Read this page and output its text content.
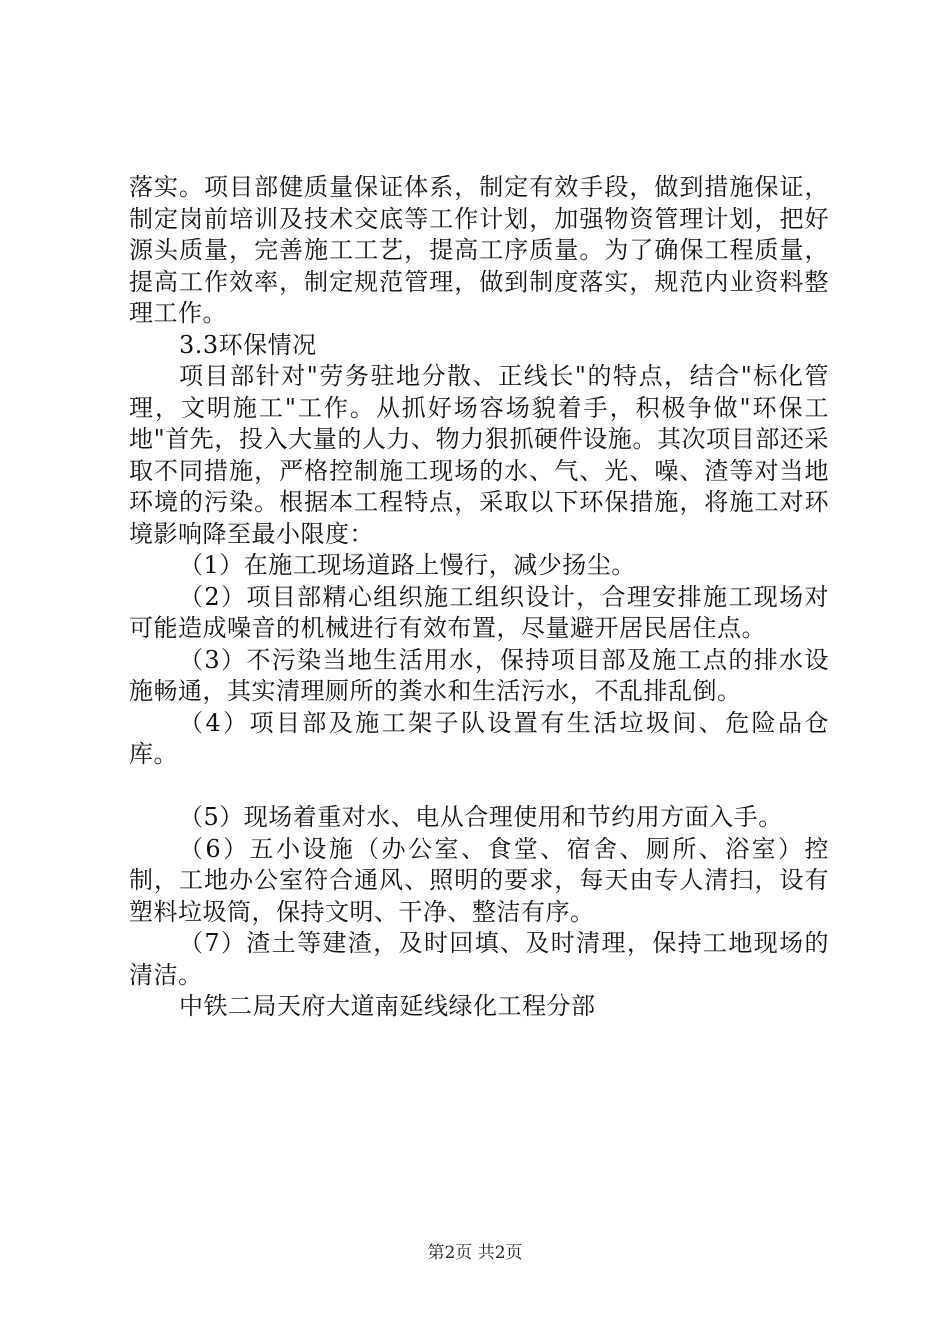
落实。项目部健质量保证体系，制定有效手段，做到措施保证，制定岗前培训及技术交底等工作计划，加强物资管理计划，把好源头质量，完善施工工艺，提高工序质量。为了确保工程质量，提高工作效率，制定规范管理，做到制度落实，规范内业资料整理工作。

3.3环保情况

项目部针对"劳务驻地分散、正线长"的特点，结合"标化管理，文明施工"工作。从抓好场容场貌着手，积极争做"环保工地"首先，投入大量的人力、物力狠抓硬件设施。其次项目部还采取不同措施，严格控制施工现场的水、气、光、噪、渣等对当地环境的污染。根据本工程特点，采取以下环保措施，将施工对环境影响降至最小限度：

（1）在施工现场道路上慢行，减少扬尘。

（2）项目部精心组织施工组织设计，合理安排施工现场对可能造成噪音的机械进行有效布置，尽量避开居民居住点。

（3）不污染当地生活用水，保持项目部及施工点的排水设施畅通，其实清理厕所的粪水和生活污水，不乱排乱倒。

（4）项目部及施工架子队设置有生活垃圾间、危险品仓库。

（5）现场着重对水、电从合理使用和节约用方面入手。

（6）五小设施（办公室、食堂、宿舍、厕所、浴室）控制，工地办公室符合通风、照明的要求，每天由专人清扫，设有塑料垃圾筒，保持文明、干净、整洁有序。

（7）渣土等建渣，及时回填、及时清理，保持工地现场的清洁。

中铁二局天府大道南延线绿化工程分部

第2页 共2页
